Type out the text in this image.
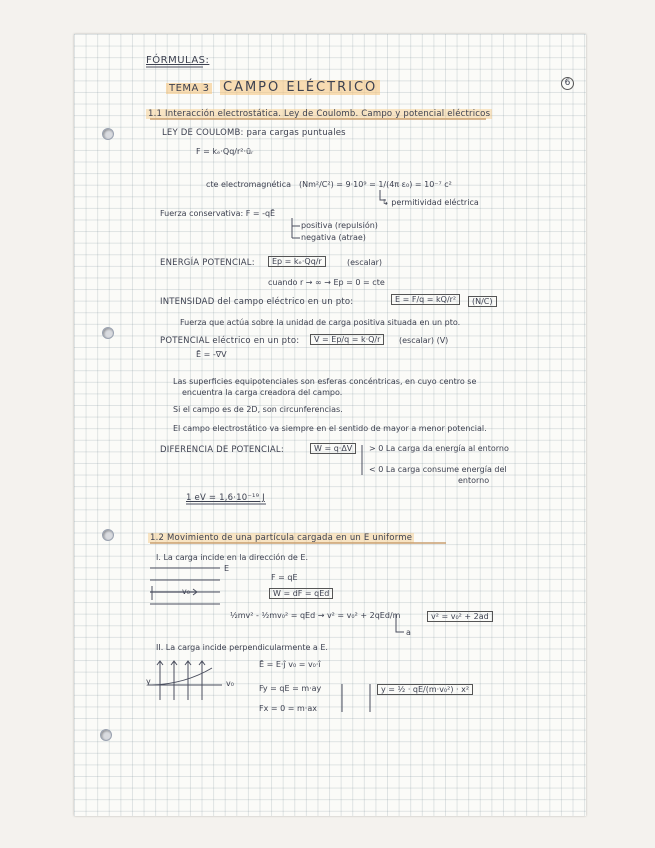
FÓRMULAS:
TEMA 3 CAMPO ELÉCTRICO	6
1.1 Interacción electrostática. Ley de Coulomb. Campo y potencial eléctricos
LEY DE COULOMB: para cargas puntuales
F = kₑ·Qq/r²·ūᵣ
cte electromagnética (Nm²/C²) = 9·10⁹ = 1/(4π ε₀) = 10⁻⁷ c²
↳ permitividad eléctrica
Fuerza conservativa: F = -qĒ
positiva (repulsión)
negativa (atrae)
ENERGÍA POTENCIAL:	Ep = kₑ·Qq/r	(escalar)
cuando r → ∞ → Ep = 0 = cte
INTENSIDAD del campo eléctrico en un pto:	E = F/q = kQ/r²	(N/C)
Fuerza que actúa sobre la unidad de carga positiva situada en un pto.
POTENCIAL eléctrico en un pto:	V = Ep/q = k·Q/r	(escalar) (V)
Ē = -∇V
Las superficies equipotenciales son esferas concéntricas, en cuyo centro se
encuentra la carga creadora del campo.
Si el campo es de 2D, son circunferencias.
El campo electrostático va siempre en el sentido de mayor a menor potencial.
DIFERENCIA DE POTENCIAL:	W = q·ΔV	> 0 La carga da energía al entorno
< 0 La carga consume energía del
entorno
1 eV = 1,6·10⁻¹⁹ J
1.2 Movimiento de una partícula cargada en un E uniforme
I. La carga incide en la dirección de E.
F = qE
W = dF = qEd
½mv² - ½mv₀² = qEd → v² = v₀² + 2qEd/m	v² = v₀² + 2ad
a
II. La carga incide perpendicularmente a E.
Ē = E·ĵ v₀ = v₀·î
Fy = qE = m·ay
Fx = 0 = m·ax
y = ½ · qE/(m·v₀²) · x²
E
v₀
v₀
y
